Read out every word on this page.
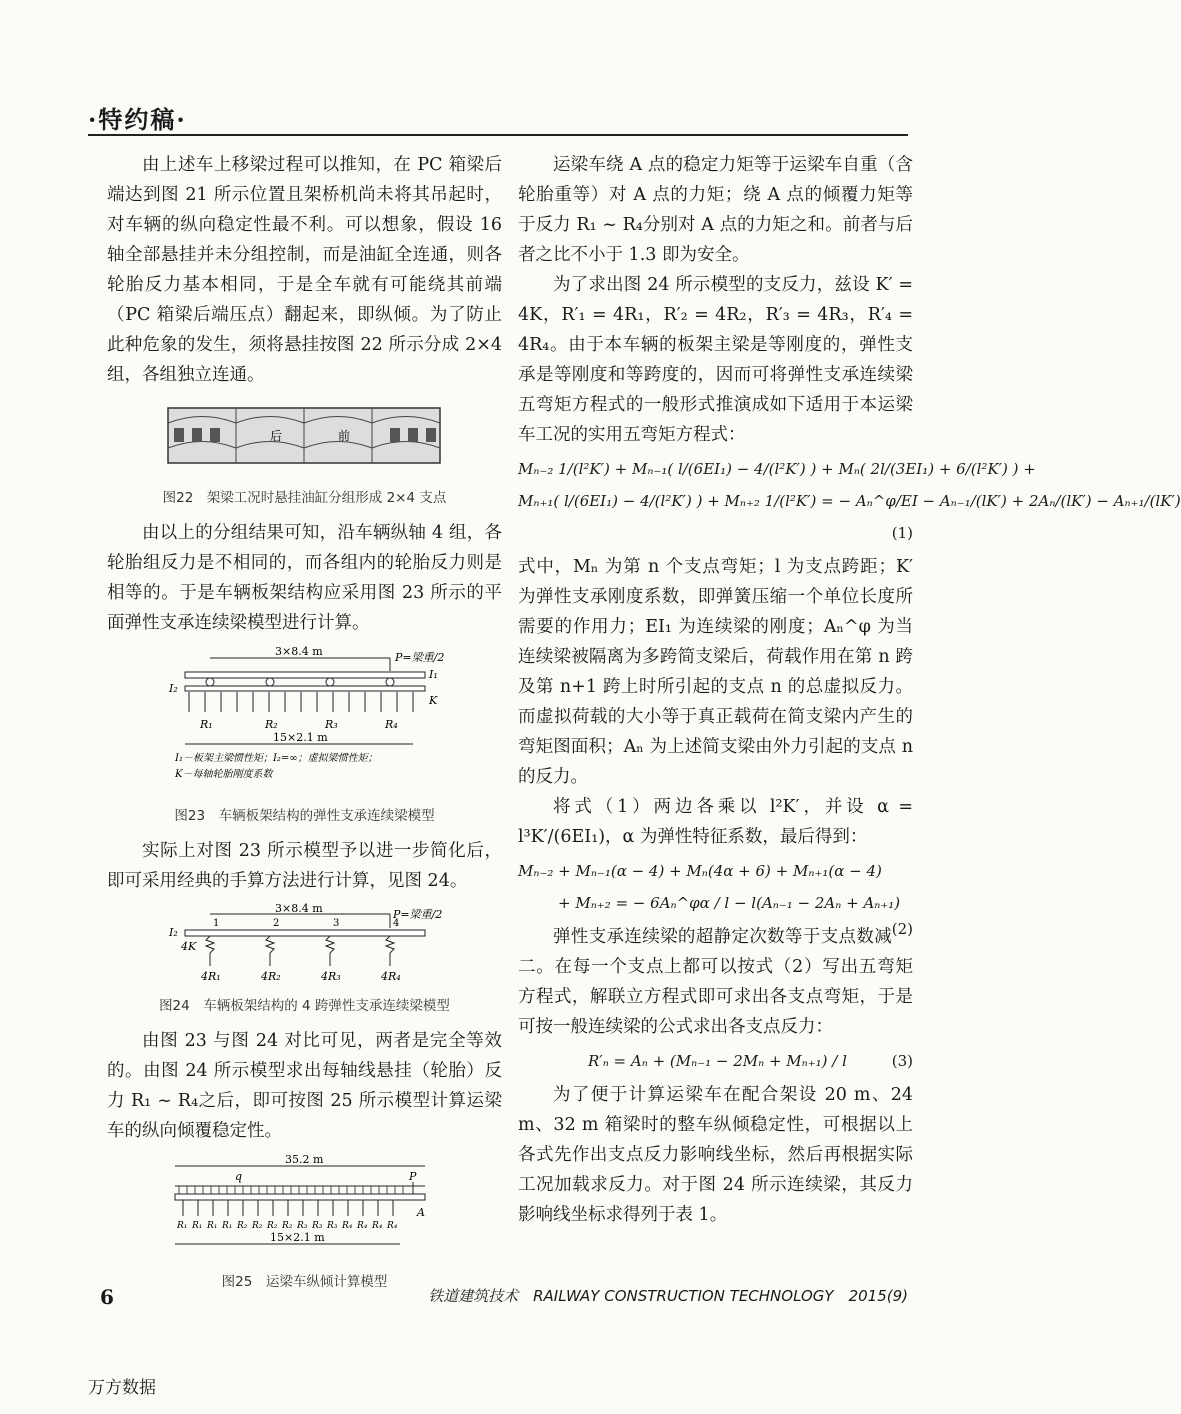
·特约稿·

由上述车上移梁过程可以推知，在 PC 箱梁后端达到图 21 所示位置且架桥机尚未将其吊起时，对车辆的纵向稳定性最不利。可以想象，假设 16 轴全部悬挂并未分组控制，而是油缸全连通，则各轮胎反力基本相同，于是全车就有可能绕其前端（PC 箱梁后端压点）翻起来，即纵倾。为了防止此种危象的发生，须将悬挂按图 22 所示分成 2×4 组，各组独立连通。

后	前
图22　架梁工况时悬挂油缸分组形成 2×4 支点

由以上的分组结果可知，沿车辆纵轴 4 组，各轮胎组反力是不相同的，而各组内的轮胎反力则是相等的。于是车辆板架结构应采用图 23 所示的平面弹性支承连续梁模型进行计算。

3×8.4 m	P=梁重/2
I₁
I₂
K
R₁	R₂	R₃	R₄
15×2.1 m
I₁－板架主梁惯性矩；I₂=∞；虚拟梁惯性矩；
K－每轴轮胎刚度系数
图23　车辆板架结构的弹性支承连续梁模型

实际上对图 23 所示模型予以进一步简化后，即可采用经典的手算方法进行计算，见图 24。

3×8.4 m	P=梁重/2
1	2	3	4
I₂
4K
4R₁	4R₂	4R₃	4R₄
图24　车辆板架结构的 4 跨弹性支承连续梁模型

由图 23 与图 24 对比可见，两者是完全等效的。由图 24 所示模型求出每轴线悬挂（轮胎）反力 R₁ ~ R₄之后，即可按图 25 所示模型计算运梁车的纵向倾覆稳定性。

35.2 m
q	P
A
R₁ R₁ R₁ R₁ R₂ R₂ R₂ R₂ R₃ R₃ R₃ R₄ R₄ R₄ R₄
15×2.1 m
图25　运梁车纵倾计算模型

运梁车绕 A 点的稳定力矩等于运梁车自重（含轮胎重等）对 A 点的力矩；绕 A 点的倾覆力矩等于反力 R₁ ~ R₄分别对 A 点的力矩之和。前者与后者之比不小于 1.3 即为安全。

为了求出图 24 所示模型的支反力，兹设 K′ = 4K，R′₁ = 4R₁，R′₂ = 4R₂，R′₃ = 4R₃，R′₄ = 4R₄。由于本车辆的板架主梁是等刚度的，弹性支承是等刚度和等跨度的，因而可将弹性支承连续梁五弯矩方程式的一般形式推演成如下适用于本运梁车工况的实用五弯矩方程式：

Mₙ₋₂ 1/(l²K′) + Mₙ₋₁( l/(6EI₁) − 4/(l²K′) ) + Mₙ( 2l/(3EI₁) + 6/(l²K′) ) +
Mₙ₊₁( l/(6EI₁) − 4/(l²K′) ) + Mₙ₊₂ 1/(l²K′) = − Aₙ^φ/EI − Aₙ₋₁/(lK′) + 2Aₙ/(lK′) − Aₙ₊₁/(lK′)
(1)

式中，Mₙ 为第 n 个支点弯矩；l 为支点跨距；K′为弹性支承刚度系数，即弹簧压缩一个单位长度所需要的作用力；EI₁ 为连续梁的刚度；Aₙ^φ 为当连续梁被隔离为多跨简支梁后，荷载作用在第 n 跨及第 n+1 跨上时所引起的支点 n 的总虚拟反力。而虚拟荷载的大小等于真正载荷在简支梁内产生的弯矩图面积；Aₙ 为上述简支梁由外力引起的支点 n 的反力。

将式（1）两边各乘以 l²K′，并设 α = l³K′/(6EI₁)，α 为弹性特征系数，最后得到：

Mₙ₋₂ + Mₙ₋₁(α − 4) + Mₙ(4α + 6) + Mₙ₊₁(α − 4)
+ Mₙ₊₂ = − 6Aₙ^φα / l − l(Aₙ₋₁ − 2Aₙ + Aₙ₊₁)
(2)

弹性支承连续梁的超静定次数等于支点数减二。在每一个支点上都可以按式（2）写出五弯矩方程式，解联立方程式即可求出各支点弯矩，于是可按一般连续梁的公式求出各支点反力：

R′ₙ = Aₙ + (Mₙ₋₁ − 2Mₙ + Mₙ₊₁) / l	(3)

为了便于计算运梁车在配合架设 20 m、24 m、32 m 箱梁时的整车纵倾稳定性，可根据以上各式先作出支点反力影响线坐标，然后再根据实际工况加载求反力。对于图 24 所示连续梁，其反力影响线坐标求得列于表 1。

6	铁道建筑技术　RAILWAY CONSTRUCTION TECHNOLOGY　2015(9)
万方数据
